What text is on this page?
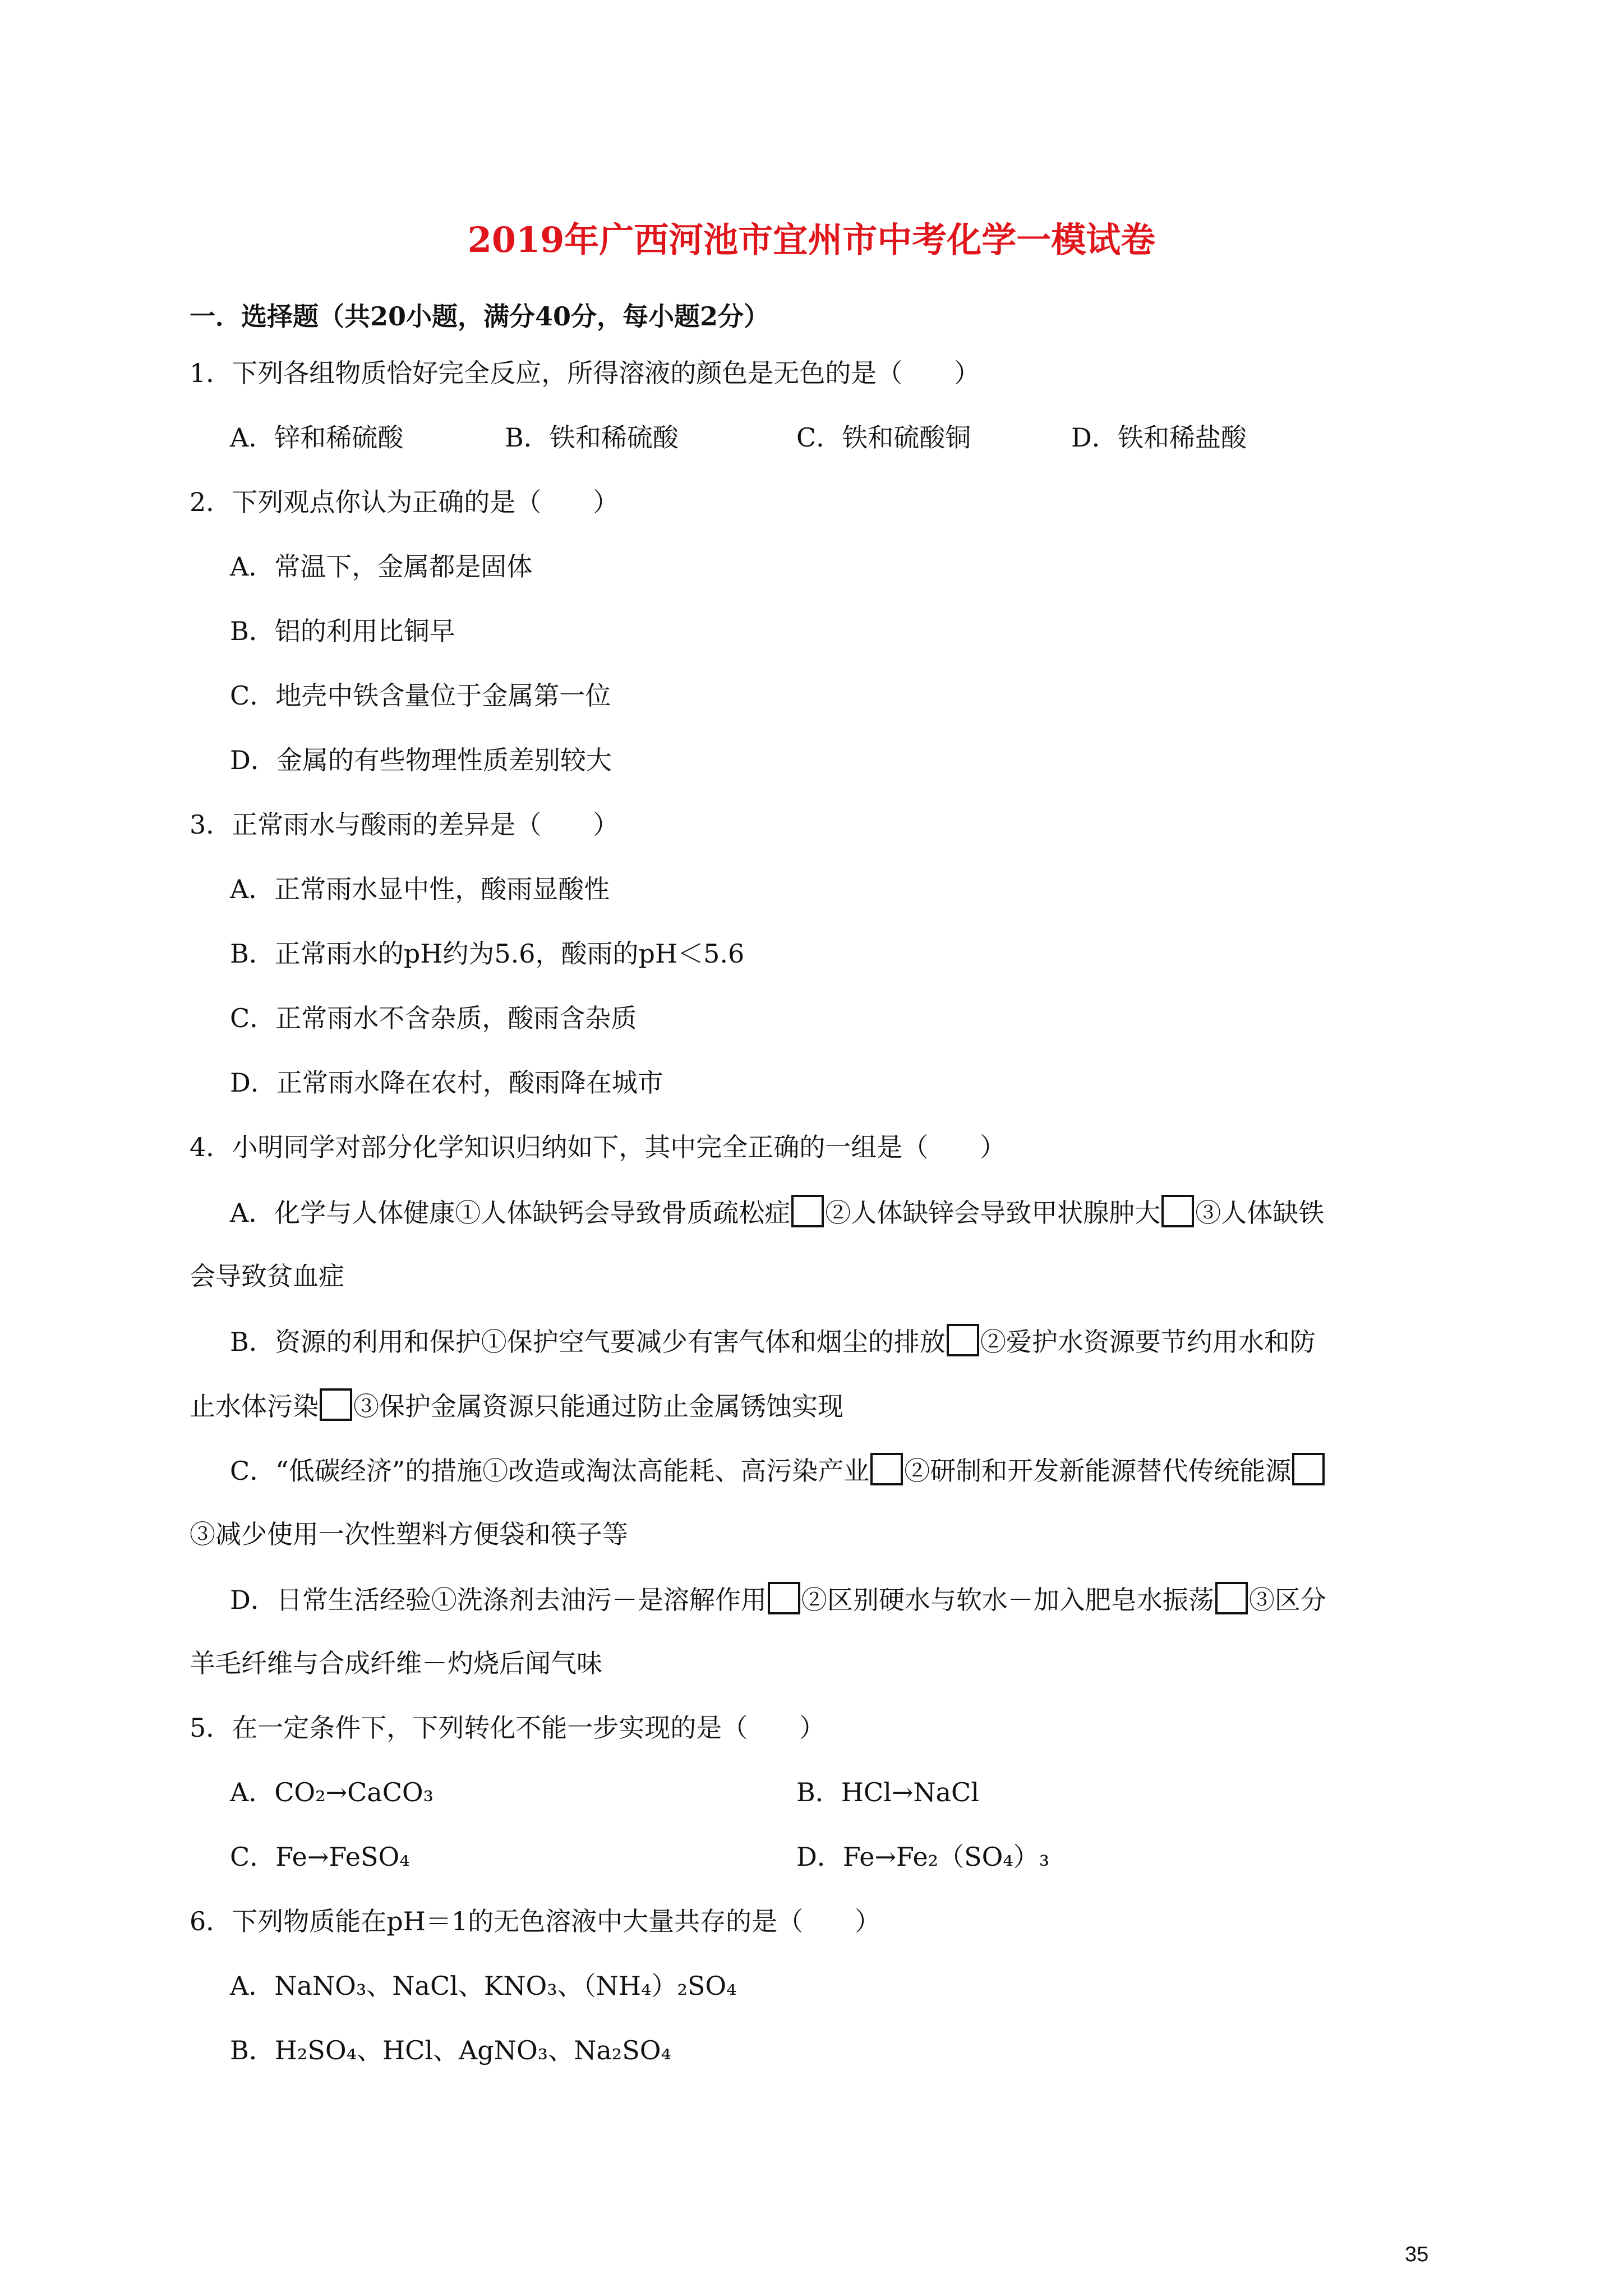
2019年广西河池市宜州市中考化学一模试卷
一．选择题（共20小题，满分40分，每小题2分）
1．下列各组物质恰好完全反应，所得溶液的颜色是无色的是（　　）
A．锌和稀硫酸	B．铁和稀硫酸	C．铁和硫酸铜	D．铁和稀盐酸
2．下列观点你认为正确的是（　　）
A．常温下，金属都是固体
B．铝的利用比铜早
C．地壳中铁含量位于金属第一位
D．金属的有些物理性质差别较大
3．正常雨水与酸雨的差异是（　　）
A．正常雨水显中性，酸雨显酸性
B．正常雨水的pH约为5.6，酸雨的pH＜5.6
C．正常雨水不含杂质，酸雨含杂质
D．正常雨水降在农村，酸雨降在城市
4．小明同学对部分化学知识归纳如下，其中完全正确的一组是（　　）
A．化学与人体健康①人体缺钙会导致骨质疏松症 ②人体缺锌会导致甲状腺肿大 ③人体缺铁
会导致贫血症
B．资源的利用和保护①保护空气要减少有害气体和烟尘的排放 ②爱护水资源要节约用水和防
止水体污染 ③保护金属资源只能通过防止金属锈蚀实现
C．“低碳经济”的措施①改造或淘汰高能耗、高污染产业 ②研制和开发新能源替代传统能源
③减少使用一次性塑料方便袋和筷子等
D．日常生活经验①洗涤剂去油污－是溶解作用 ②区别硬水与软水－加入肥皂水振荡 ③区分
羊毛纤维与合成纤维－灼烧后闻气味
5．在一定条件下，下列转化不能一步实现的是（　　）
A．CO₂→CaCO₃	B．HCl→NaCl
C．Fe→FeSO₄	D．Fe→Fe₂（SO₄）₃
6．下列物质能在pH＝1的无色溶液中大量共存的是（　　）
A．NaNO₃、NaCl、KNO₃、（NH₄）₂SO₄
B．H₂SO₄、HCl、AgNO₃、Na₂SO₄
35
